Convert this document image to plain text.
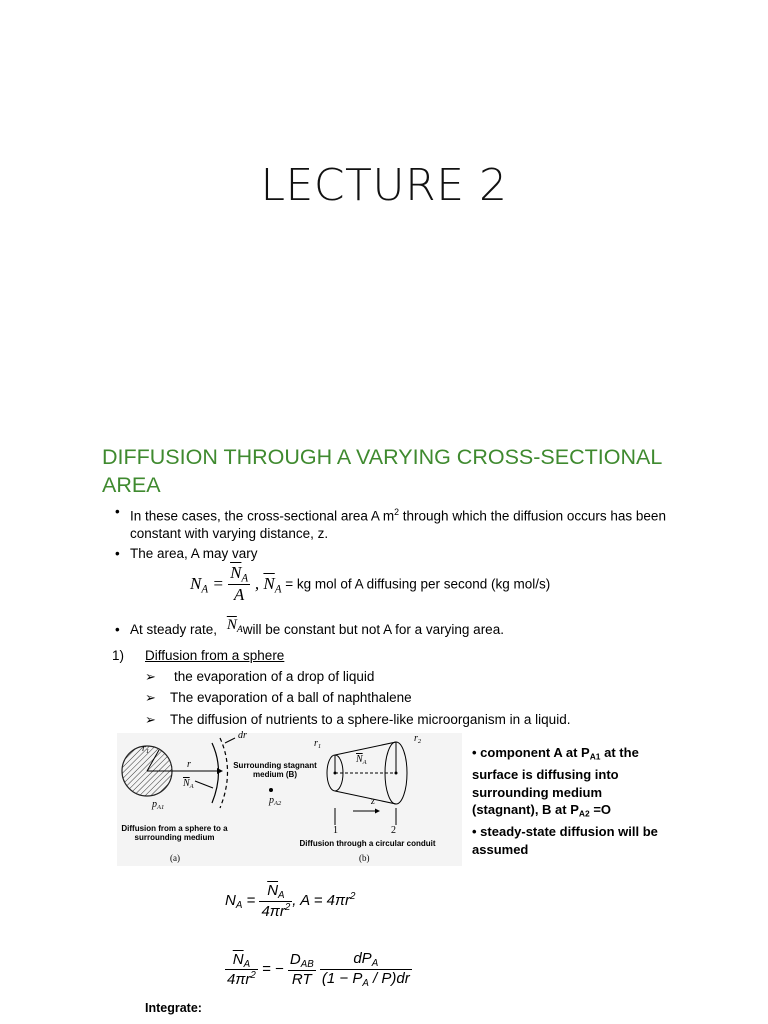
LECTURE 2
DIFFUSION THROUGH A VARYING CROSS-SECTIONAL AREA
In these cases, the cross-sectional area A $m^2$ through which the diffusion occurs has been constant with varying distance, z.
The area, A may vary
$N_A = \frac{\overline{N}_A}{A}$ , $\overline{N}_A$ = kg mol of A diffusing per second (kg mol/s)
At steady rate, $\overline{N}_Awill$ be constant but not A for a varying area.
1) Diffusion from a sphere
➢ the evaporation of a drop of liquid
➢ The evaporation of a ball of naphthalene
➢ The diffusion of nutrients to a sphere-like microorganism in a liquid.
$r_1$
r
$\overline{N}_A$
$p_{A1}$
dr
Surrounding stagnant medium (B)
$p_{A2}$
Diffusion from a sphere to a surrounding medium
(a)
$r_1$
$r_2$
$\overline{N}_A$
z
1	2
Diffusion through a circular conduit
(b)
• component A at $P_{A1}$ at the surface is diffusing into surrounding medium (stagnant), B at $P_{A2} =O$
• steady-state diffusion will be assumed
$N_A = \frac{\overline{N}_A}{4\pi r^2}$ , $A = 4\pi r^2$
$\frac{\overline{N}_A}{4\pi r^2}$ = − $\frac{D_{AB}}{RT}$
$\frac{dP_A}{(1 - P_A / P)dr}$
Integrate:
